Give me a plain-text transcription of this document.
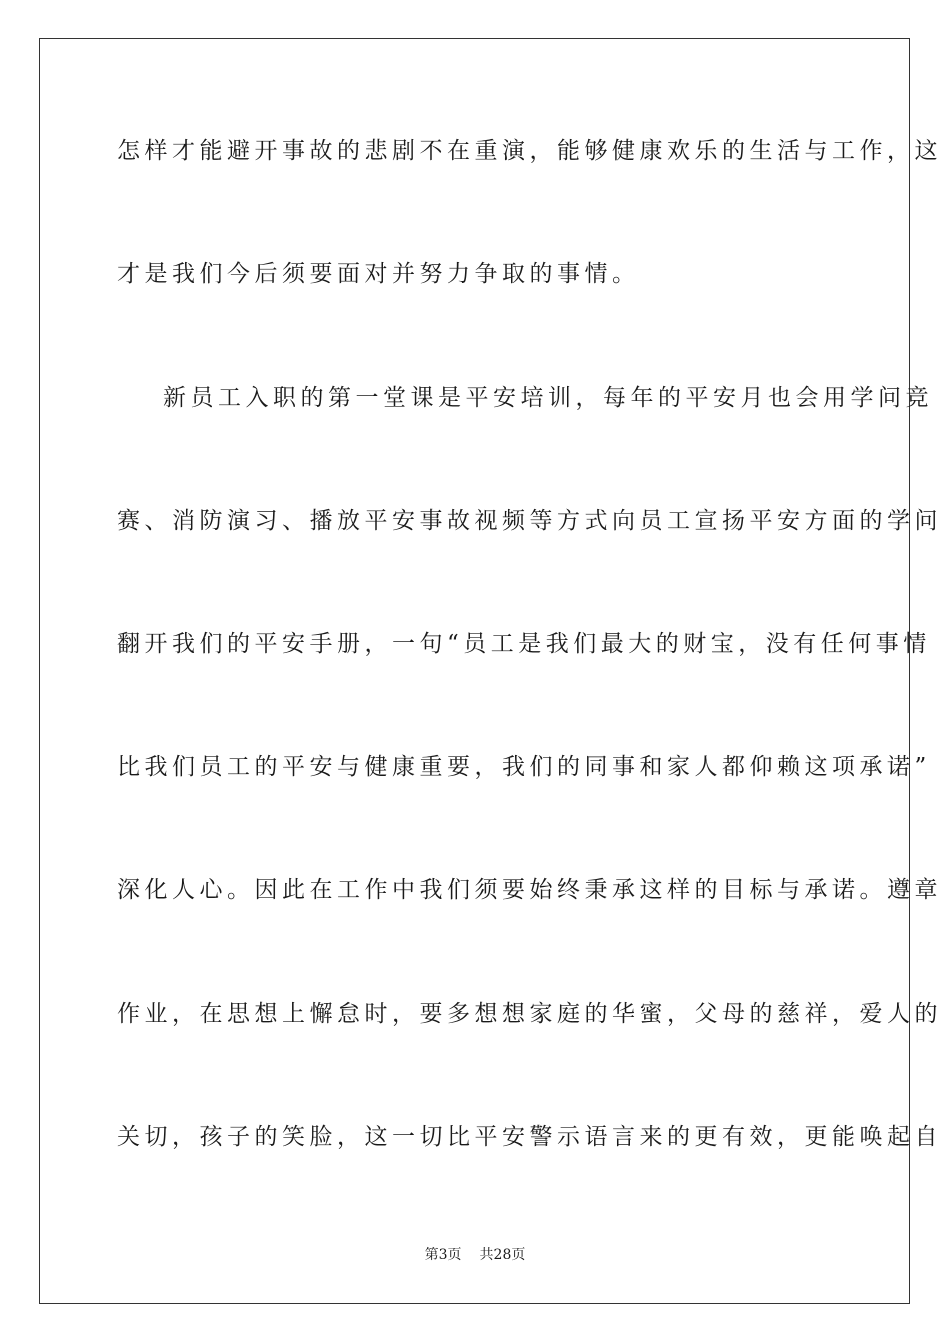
怎样才能避开事故的悲剧不在重演，能够健康欢乐的生活与工作，这
才是我们今后须要面对并努力争取的事情。
新员工入职的第一堂课是平安培训，每年的平安月也会用学问竞
赛、消防演习、播放平安事故视频等方式向员工宣扬平安方面的学问
翻开我们的平安手册，一句“员工是我们最大的财宝，没有任何事情
比我们员工的平安与健康重要，我们的同事和家人都仰赖这项承诺”
深化人心。因此在工作中我们须要始终秉承这样的目标与承诺。遵章
作业，在思想上懈怠时，要多想想家庭的华蜜，父母的慈祥，爱人的
关切，孩子的笑脸，这一切比平安警示语言来的更有效，更能唤起自
第3页 共28页
